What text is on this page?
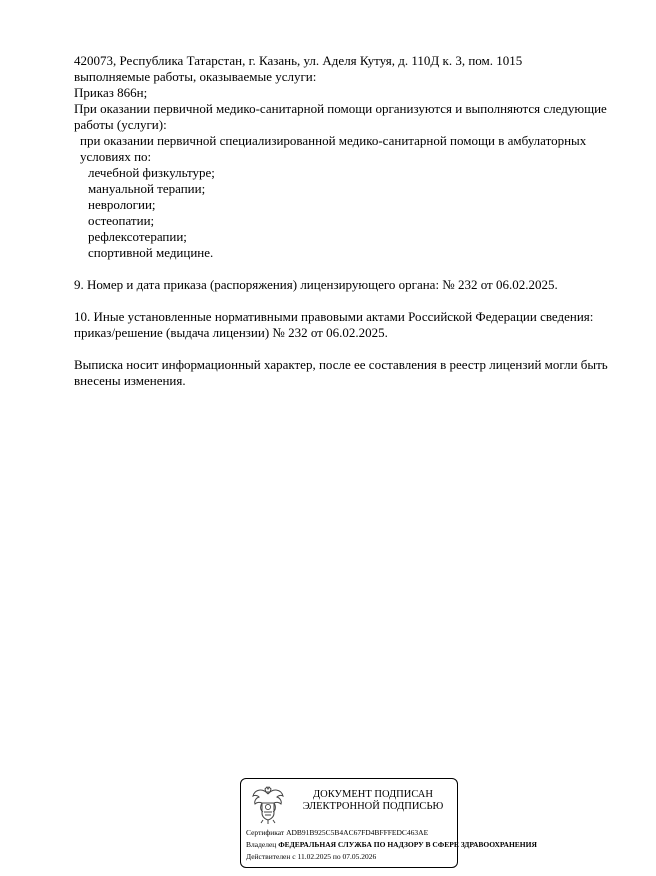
420073, Республика Татарстан, г. Казань, ул. Аделя Кутуя, д. 110Д к. 3, пом. 1015

выполняемые работы, оказываемые услуги:

Приказ 866н;

При оказании первичной медико-санитарной помощи организуются и выполняются следующие работы (услуги):

при оказании первичной специализированной медико-санитарной помощи в амбулаторных условиях по:

лечебной физкультуре;

мануальной терапии;

неврологии;

остеопатии;

рефлексотерапии;

спортивной медицине.

9. Номер и дата приказа (распоряжения) лицензирующего органа: № 232 от 06.02.2025.

10. Иные установленные нормативными правовыми актами Российской Федерации сведения: приказ/решение (выдача лицензии) № 232 от 06.02.2025.

Выписка носит информационный характер, после ее составления в реестр лицензий могли быть внесены изменения.

ДОКУМЕНТ ПОДПИСАН
ЭЛЕКТРОННОЙ ПОДПИСЬЮ
Сертификат ADB91B925C5B4AC67FD4BFFFEDC463AE
Владелец ФЕДЕРАЛЬНАЯ СЛУЖБА ПО НАДЗОРУ В СФЕРЕ ЗДРАВООХРАНЕНИЯ
Действителен с 11.02.2025 по 07.05.2026
